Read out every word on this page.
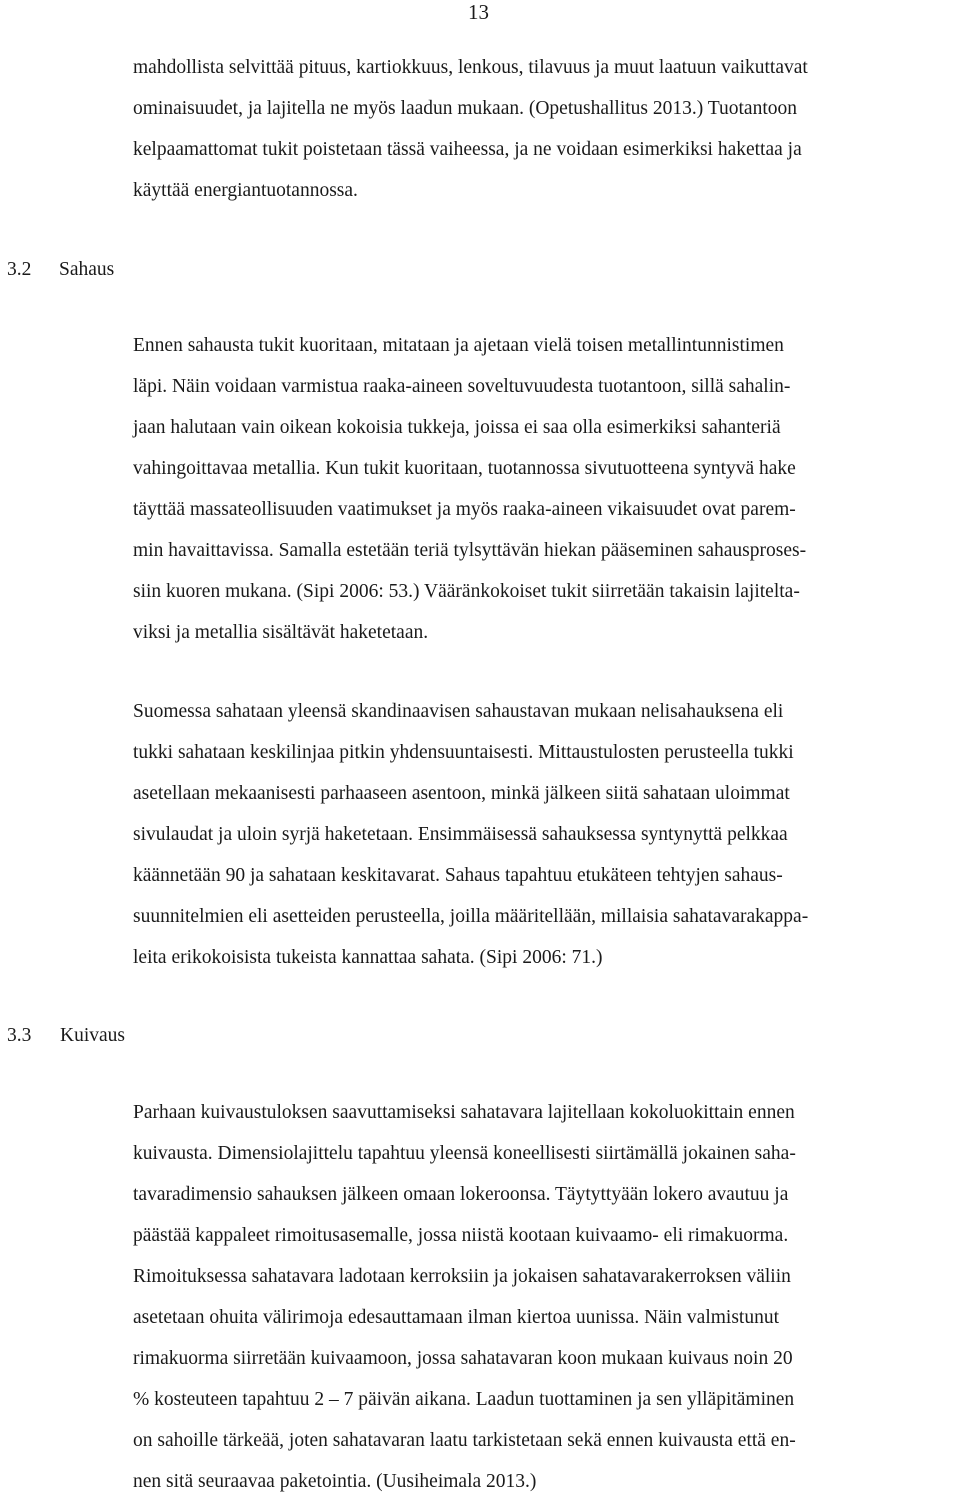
13
mahdollista selvittää pituus, kartiokkuus, lenkous, tilavuus ja muut laatuun vaikuttavat
ominaisuudet, ja lajitella ne myös laadun mukaan. (Opetushallitus 2013.) Tuotantoon
kelpaamattomat tukit poistetaan tässä vaiheessa, ja ne voidaan esimerkiksi hakettaa ja
käyttää energiantuotannossa.
3.2 Sahaus
Ennen sahausta tukit kuoritaan, mitataan ja ajetaan vielä toisen metallintunnistimen
läpi. Näin voidaan varmistua raaka-aineen soveltuvuudesta tuotantoon, sillä sahalin-
jaan halutaan vain oikean kokoisia tukkeja, joissa ei saa olla esimerkiksi sahanteriä
vahingoittavaa metallia. Kun tukit kuoritaan, tuotannossa sivutuotteena syntyvä hake
täyttää massateollisuuden vaatimukset ja myös raaka-aineen vikaisuudet ovat parem-
min havaittavissa. Samalla estetään teriä tylsyttävän hiekan pääseminen sahausproses-
siin kuoren mukana. (Sipi 2006: 53.) Vääränkokoiset tukit siirretään takaisin lajitelta-
viksi ja metallia sisältävät haketetaan.
Suomessa sahataan yleensä skandinaavisen sahaustavan mukaan nelisahauksena eli
tukki sahataan keskilinjaa pitkin yhdensuuntaisesti. Mittaustulosten perusteella tukki
asetellaan mekaanisesti parhaaseen asentoon, minkä jälkeen siitä sahataan uloimmat
sivulaudat ja uloin syrjä haketetaan. Ensimmäisessä sahauksessa syntynyttä pelkkaa
käännetään 90 ja sahataan keskitavarat. Sahaus tapahtuu etukäteen tehtyjen sahaus-
suunnitelmien eli asetteiden perusteella, joilla määritellään, millaisia sahatavarakappa-
leita erikokoisista tukeista kannattaa sahata. (Sipi 2006: 71.)
3.3 Kuivaus
Parhaan kuivaustuloksen saavuttamiseksi sahatavara lajitellaan kokoluokittain ennen
kuivausta. Dimensiolajittelu tapahtuu yleensä koneellisesti siirtämällä jokainen saha-
tavaradimensio sahauksen jälkeen omaan lokeroonsa. Täytyttyään lokero avautuu ja
päästää kappaleet rimoitusasemalle, jossa niistä kootaan kuivaamo- eli rimakuorma.
Rimoituksessa sahatavara ladotaan kerroksiin ja jokaisen sahatavarakerroksen väliin
asetetaan ohuita välirimoja edesauttamaan ilman kiertoa uunissa. Näin valmistunut
rimakuorma siirretään kuivaamoon, jossa sahatavaran koon mukaan kuivaus noin 20
% kosteuteen tapahtuu 2 – 7 päivän aikana. Laadun tuottaminen ja sen ylläpitäminen
on sahoille tärkeää, joten sahatavaran laatu tarkistetaan sekä ennen kuivausta että en-
nen sitä seuraavaa paketointia. (Uusiheimala 2013.)
